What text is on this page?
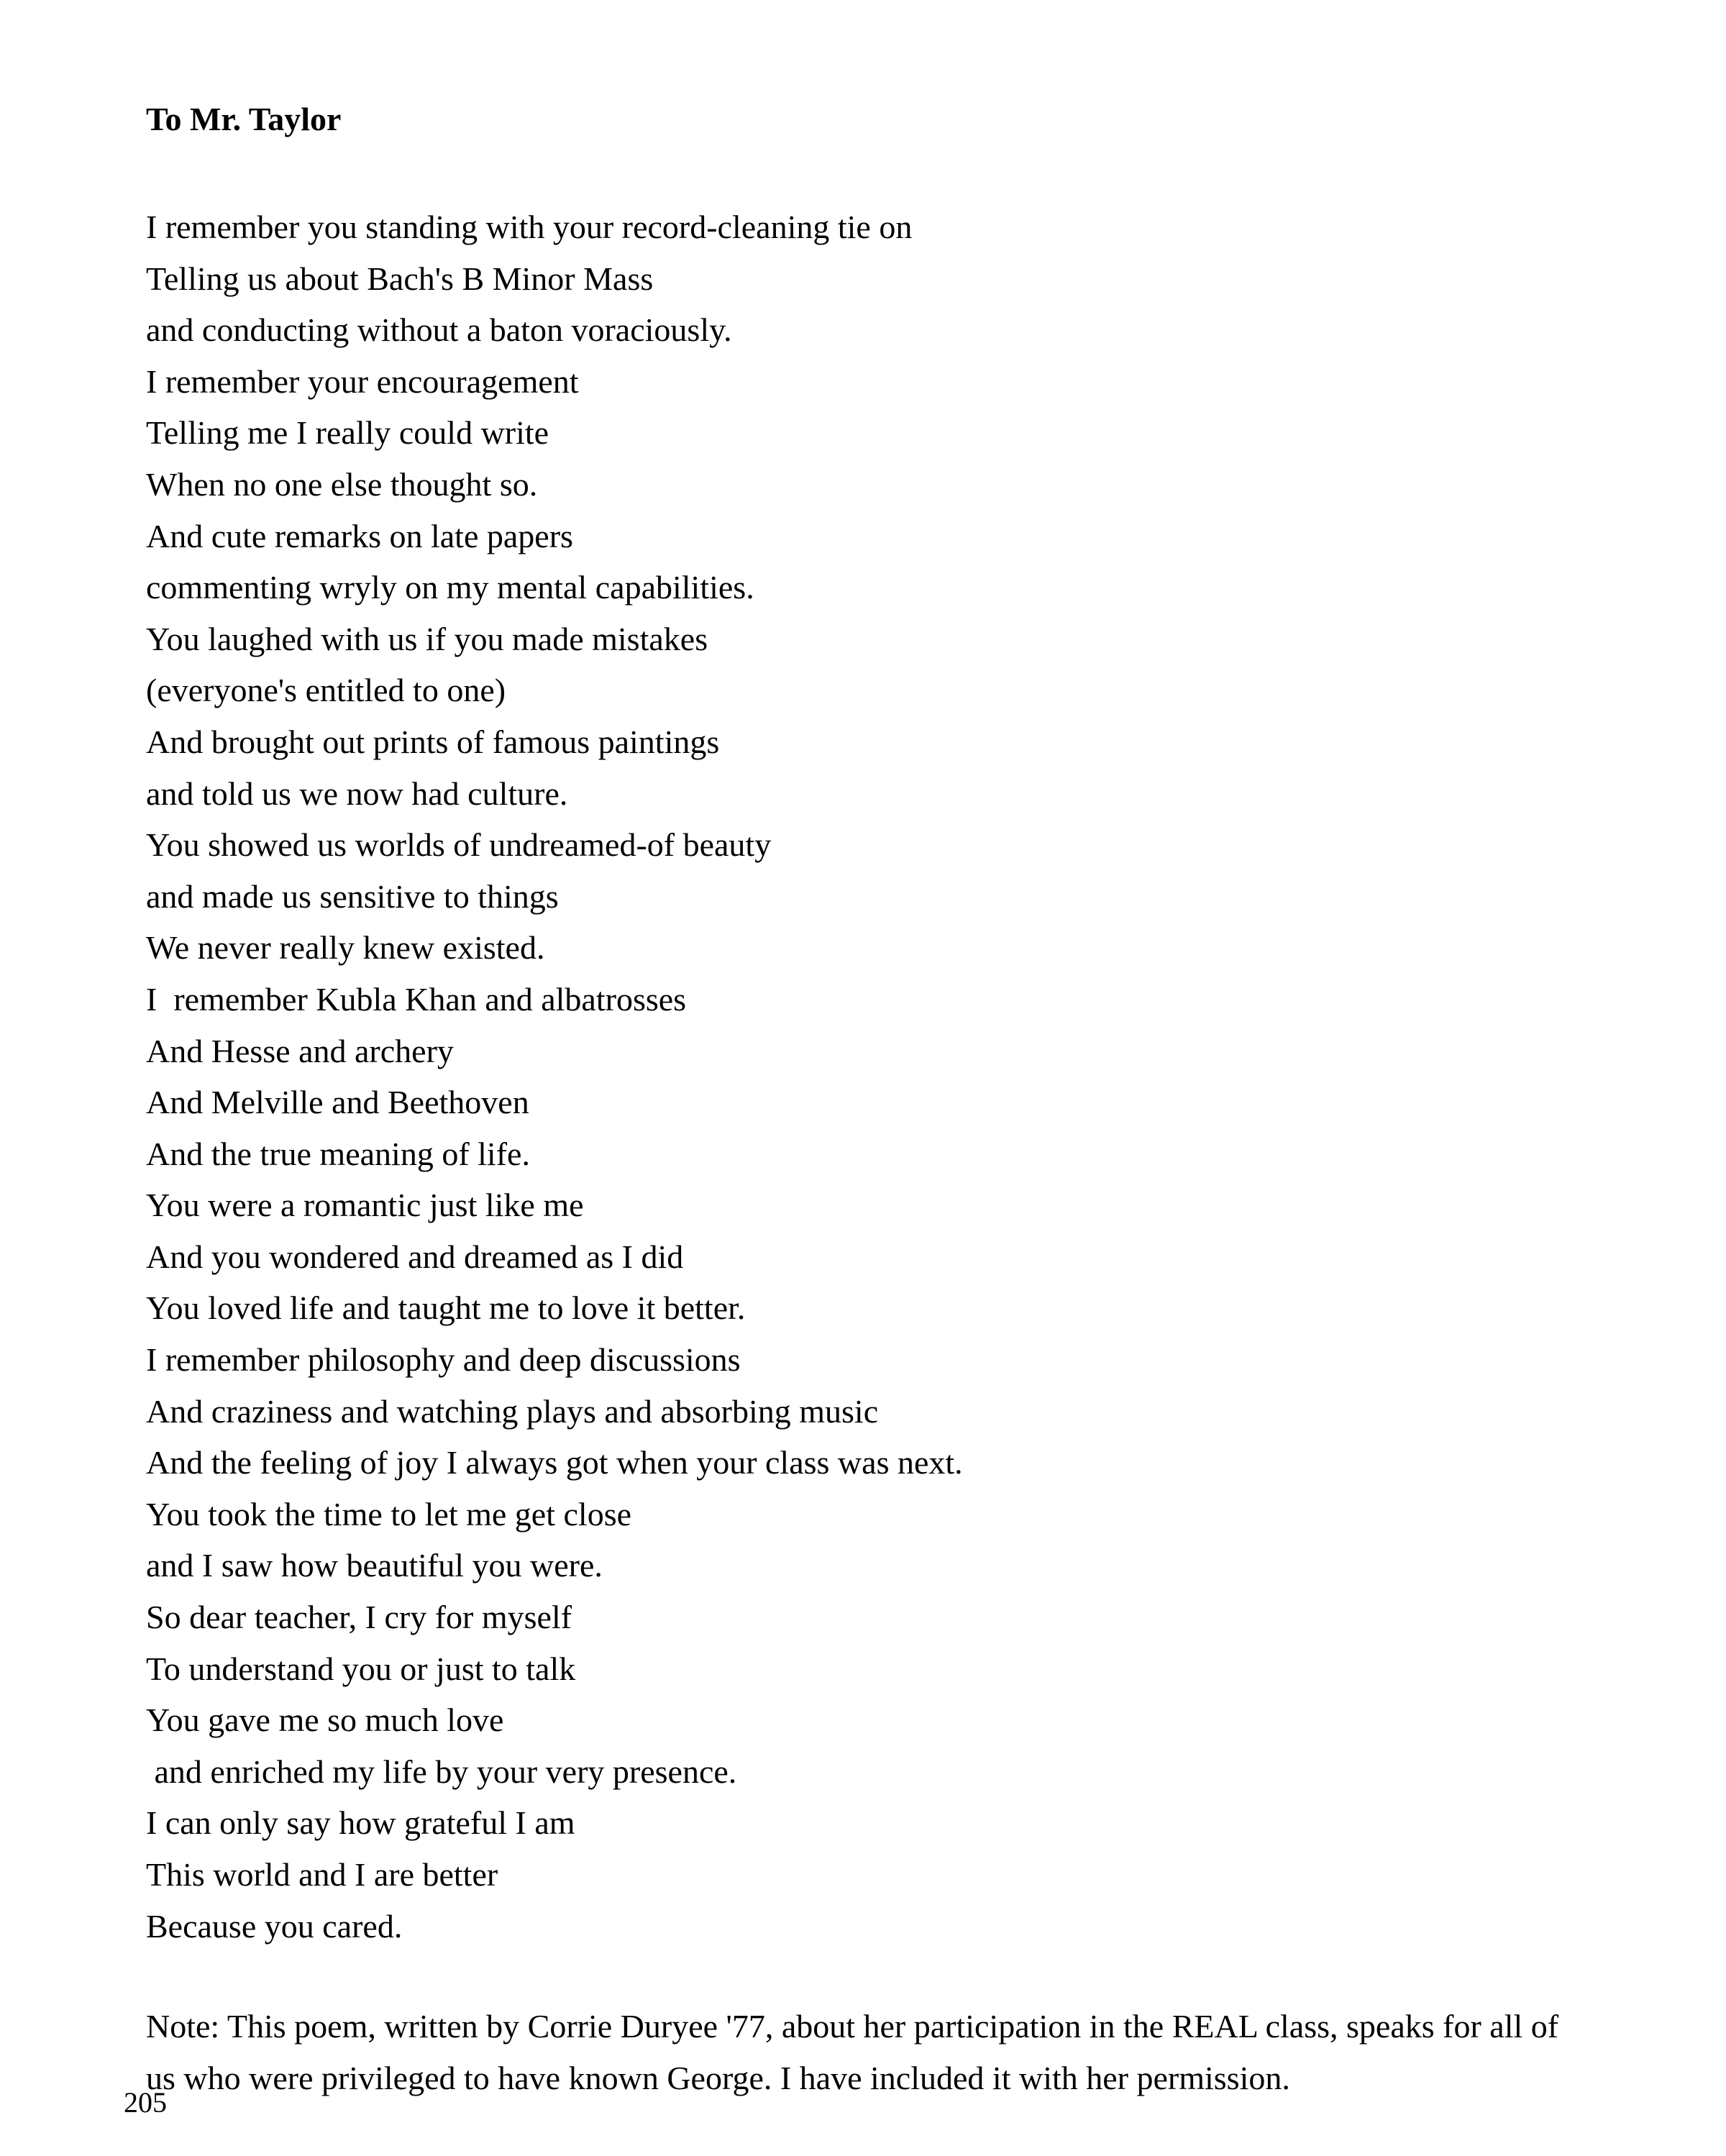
To Mr. Taylor
I remember you standing with your record-cleaning tie on
Telling us about Bach's B Minor Mass
and conducting without a baton voraciously.
I remember your encouragement
Telling me I really could write
When no one else thought so.
And cute remarks on late papers
commenting wryly on my mental capabilities.
You laughed with us if you made mistakes
(everyone's entitled to one)
And brought out prints of famous paintings
and told us we now had culture.
You showed us worlds of undreamed-of beauty
and made us sensitive to things
We never really knew existed.
I  remember Kubla Khan and albatrosses
And Hesse and archery
And Melville and Beethoven
And the true meaning of life.
You were a romantic just like me
And you wondered and dreamed as I did
You loved life and taught me to love it better.
I remember philosophy and deep discussions
And craziness and watching plays and absorbing music
And the feeling of joy I always got when your class was next.
You took the time to let me get close
and I saw how beautiful you were.
So dear teacher, I cry for myself
To understand you or just to talk
You gave me so much love
and enriched my life by your very presence.
I can only say how grateful I am
This world and I are better
Because you cared.
Note: This poem, written by Corrie Duryee '77, about her participation in the REAL class, speaks for all of us who were privileged to have known George. I have included it with her permission.
205
